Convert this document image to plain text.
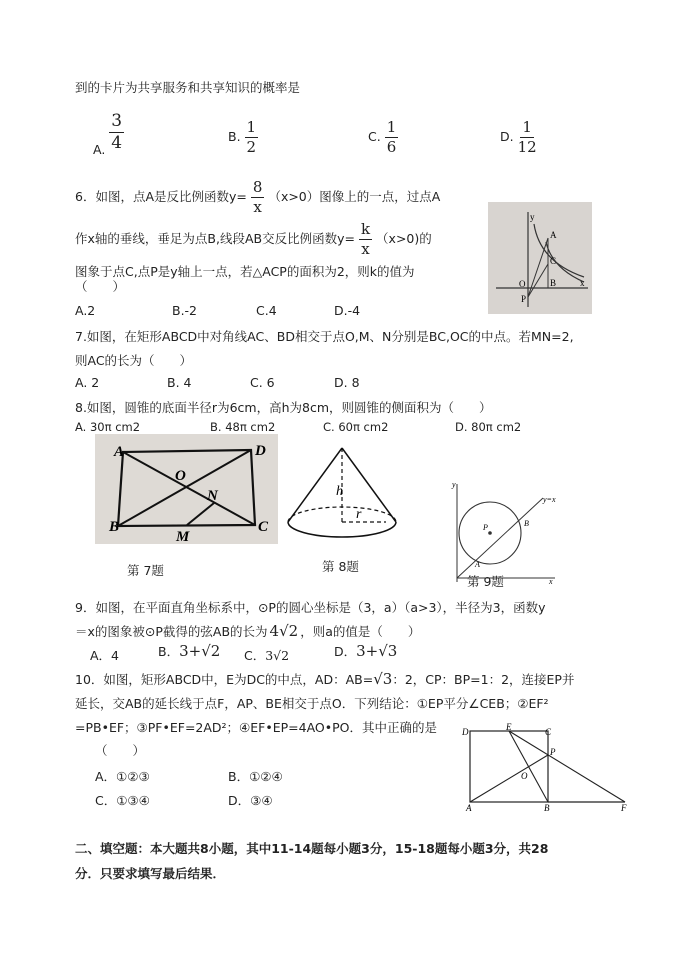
到的卡片为共享服务和共享知识的概率是
A. $\frac{3}{4}$	B. $\frac{1}{2}$	C. $\frac{1}{6}$	D. $\frac{1}{12}$
6．如图，点A是反比例函数$y= \frac{8}{x} (x>0)$图像上的一点，过点A
作x轴的垂线，垂足为点B,线段AB交反比例函数$y= \frac{k}{x} (x>0)$的
图象于点C,点P是y轴上一点，若△ACP的面积为2，则k的值为
（　　）
A.2	B.-2	C.4	D.-4
y
A
C
O
P
B	x
7.如图，在矩形ABCD中对角线AC、BD相交于点O,M、N分别是BC,OC的中点。若MN=2,
则AC的长为（　　）
A. 2	B. 4	C. 6	D. 8
8.如图，圆锥的底面半径r为6cm，高h为8cm，则圆锥的侧面积为（　　）
A. 30π cm2	B. 48π cm2	C. 60π cm2	D. 80π cm2
A	D
O
N
B	C
M
第 7题
h
r
第 8题
y
y=x
B
P
A
x
第 9题
9．如图，在平面直角坐标系中，⊙P的圆心坐标是（3，a）（a>3），半径为3，函数y
＝x的图象被⊙P截得的弦AB的长为 4√2 ，则a的值是（　　）
A．4	B．3+√2 C．3√2	D．3+√3
10．如图，矩形ABCD中，E为DC的中点，AD：AB=√3：2，CP：BP=1：2，连接EP并
延长，交AB的延长线于点F，AP、BE相交于点O．下列结论：①EP平分∠CEB；②EF²
=PB•EF；③PF•EF=2AD²；④EF•EP=4AO•PO．其中正确的是
（　　）
A．①②③	B．①②④
C．①③④	D．③④
D	E	C
P
O
A	B	F
二、填空题：本大题共8小题，其中11-14题每小题3分，15-18题每小题3分，共28
分．只要求填写最后结果．
